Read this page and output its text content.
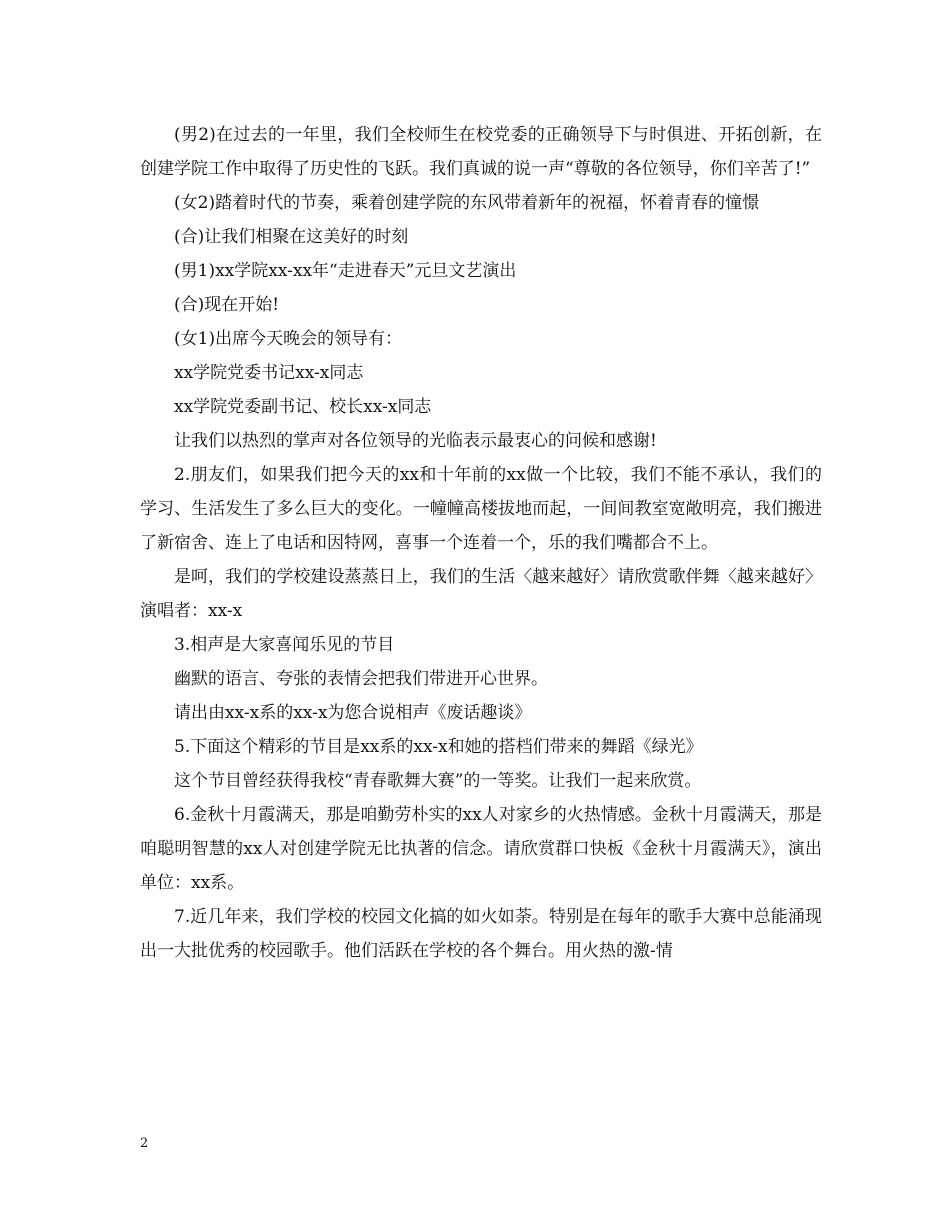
(男2)在过去的一年里，我们全校师生在校党委的正确领导下与时俱进、开拓创新，在创建学院工作中取得了历史性的飞跃。我们真诚的说一声“尊敬的各位领导，你们辛苦了!”

(女2)踏着时代的节奏，乘着创建学院的东风带着新年的祝福，怀着青春的憧憬

(合)让我们相聚在这美好的时刻

(男1)xx学院xx-xx年“走进春天”元旦文艺演出

(合)现在开始!

(女1)出席今天晚会的领导有：

xx学院党委书记xx-x同志

xx学院党委副书记、校长xx-x同志

让我们以热烈的掌声对各位领导的光临表示最衷心的问候和感谢!

2.朋友们，如果我们把今天的xx和十年前的xx做一个比较，我们不能不承认，我们的学习、生活发生了多么巨大的变化。一幢幢高楼拔地而起，一间间教室宽敞明亮，我们搬进了新宿舍、连上了电话和因特网，喜事一个连着一个，乐的我们嘴都合不上。

是呵，我们的学校建设蒸蒸日上，我们的生活〈越来越好〉请欣赏歌伴舞〈越来越好〉演唱者：xx-x

3.相声是大家喜闻乐见的节目

幽默的语言、夸张的表情会把我们带进开心世界。

请出由xx-x系的xx-x为您合说相声《废话趣谈》

5.下面这个精彩的节目是xx系的xx-x和她的搭档们带来的舞蹈《绿光》

这个节目曾经获得我校“青春歌舞大赛”的一等奖。让我们一起来欣赏。

6.金秋十月霞满天，那是咱勤劳朴实的xx人对家乡的火热情感。金秋十月霞满天，那是咱聪明智慧的xx人对创建学院无比执著的信念。请欣赏群口快板《金秋十月霞满天》，演出单位：xx系。

7.近几年来，我们学校的校园文化搞的如火如荼。特别是在每年的歌手大赛中总能涌现出一大批优秀的校园歌手。他们活跃在学校的各个舞台。用火热的激-情

2
